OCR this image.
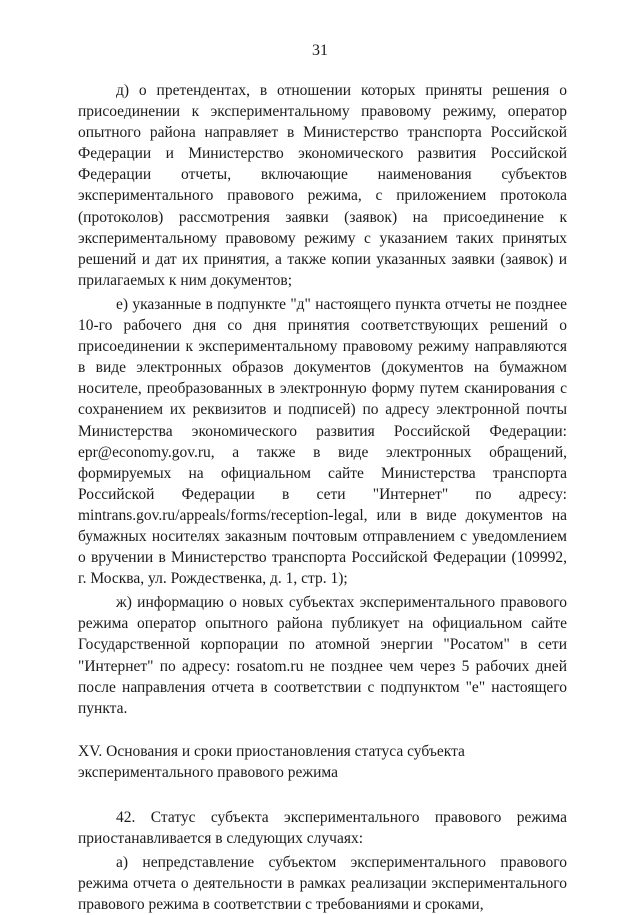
31

д) о претендентах, в отношении которых приняты решения о присоединении к экспериментальному правовому режиму, оператор опытного района направляет в Министерство транспорта Российской Федерации и Министерство экономического развития Российской Федерации отчеты, включающие наименования субъектов экспериментального правового режима, с приложением протокола (протоколов) рассмотрения заявки (заявок) на присоединение к экспериментальному правовому режиму с указанием таких принятых решений и дат их принятия, а также копии указанных заявки (заявок) и прилагаемых к ним документов;

е) указанные в подпункте "д" настоящего пункта отчеты не позднее 10-го рабочего дня со дня принятия соответствующих решений о присоединении к экспериментальному правовому режиму направляются в виде электронных образов документов (документов на бумажном носителе, преобразованных в электронную форму путем сканирования с сохранением их реквизитов и подписей) по адресу электронной почты Министерства экономического развития Российской Федерации: epr@economy.gov.ru, а также в виде электронных обращений, формируемых на официальном сайте Министерства транспорта Российской Федерации в сети "Интернет" по адресу: mintrans.gov.ru/appeals/forms/reception-legal, или в виде документов на бумажных носителях заказным почтовым отправлением с уведомлением о вручении в Министерство транспорта Российской Федерации (109992, г. Москва, ул. Рождественка, д. 1, стр. 1);

ж) информацию о новых субъектах экспериментального правового режима оператор опытного района публикует на официальном сайте Государственной корпорации по атомной энергии "Росатом" в сети "Интернет" по адресу: rosatom.ru не позднее чем через 5 рабочих дней после направления отчета в соответствии с подпунктом "е" настоящего пункта.

XV. Основания и сроки приостановления статуса субъекта
экспериментального правового режима

42. Статус субъекта экспериментального правового режима приостанавливается в следующих случаях:

а) непредставление субъектом экспериментального правового режима отчета о деятельности в рамках реализации экспериментального правового режима в соответствии с требованиями и сроками,
